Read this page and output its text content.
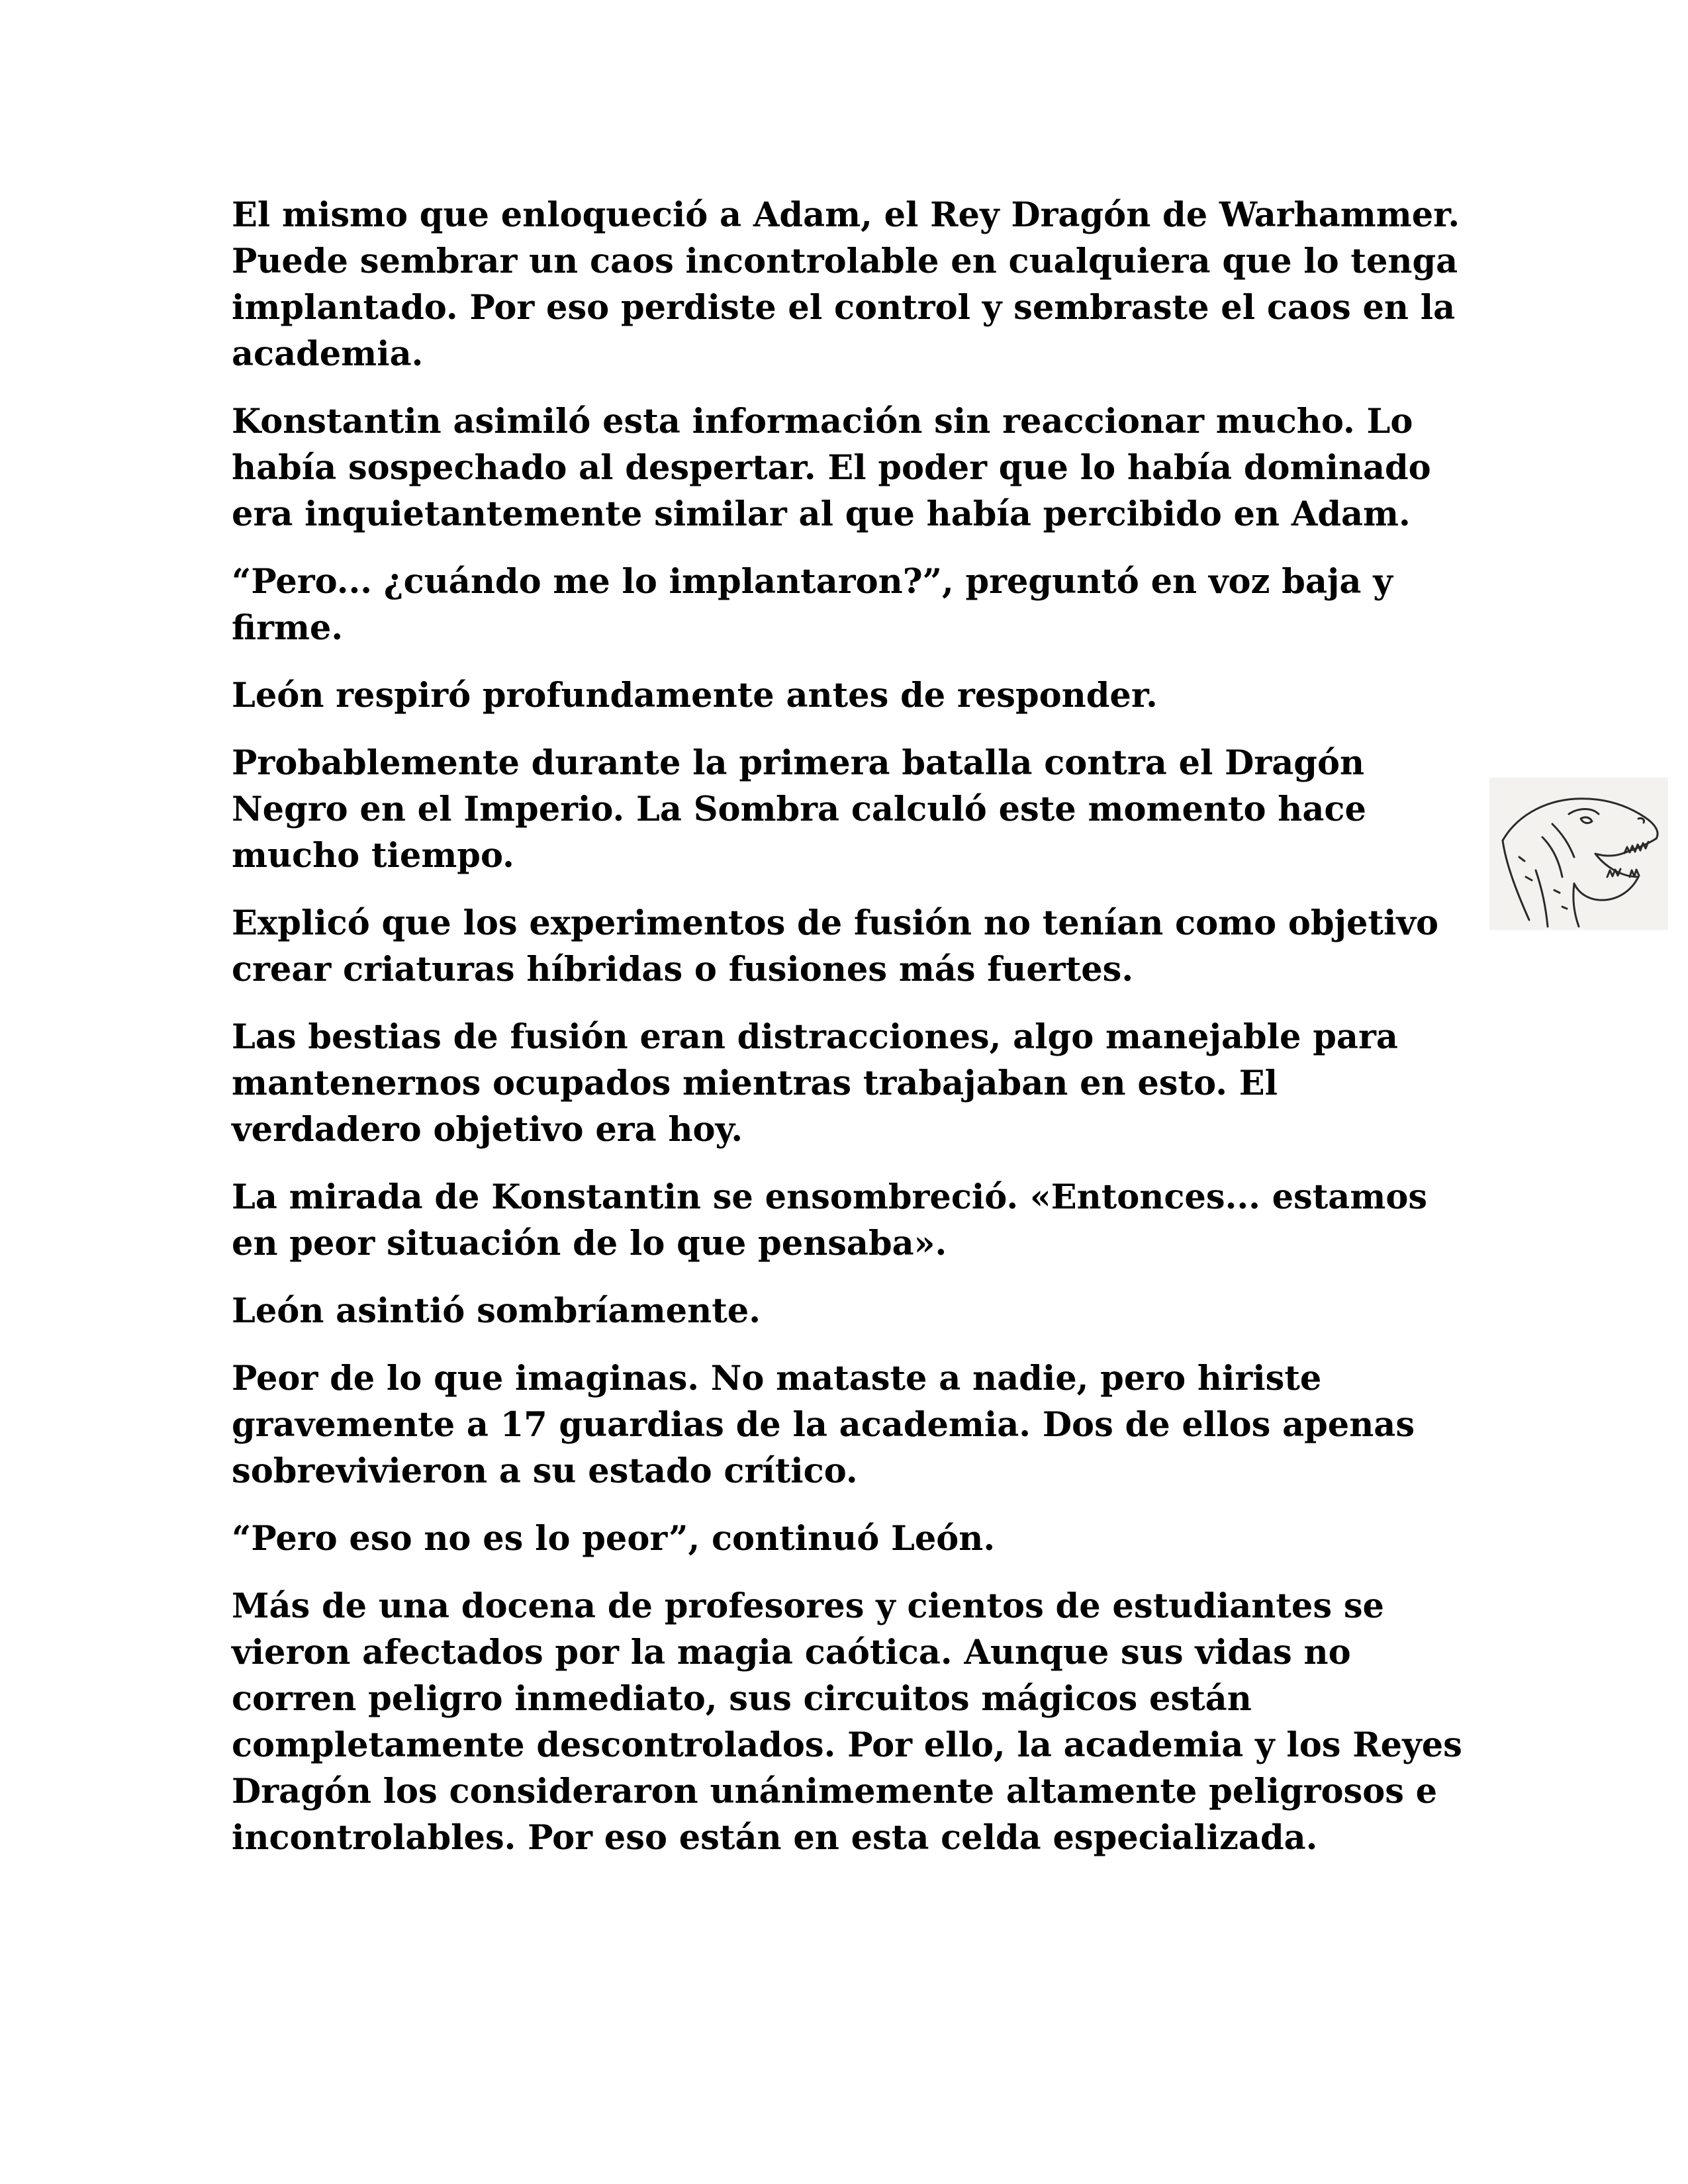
El mismo que enloqueció a Adam, el Rey Dragón de Warhammer. Puede sembrar un caos incontrolable en cualquiera que lo tenga implantado. Por eso perdiste el control y sembraste el caos en la academia.

Konstantin asimiló esta información sin reaccionar mucho. Lo había sospechado al despertar. El poder que lo había dominado era inquietantemente similar al que había percibido en Adam.

“Pero... ¿cuándo me lo implantaron?”, preguntó en voz baja y firme.

León respiró profundamente antes de responder.

Probablemente durante la primera batalla contra el Dragón Negro en el Imperio. La Sombra calculó este momento hace mucho tiempo.

Explicó que los experimentos de fusión no tenían como objetivo crear criaturas híbridas o fusiones más fuertes.

Las bestias de fusión eran distracciones, algo manejable para mantenernos ocupados mientras trabajaban en esto. El verdadero objetivo era hoy.

La mirada de Konstantin se ensombreció. «Entonces... estamos en peor situación de lo que pensaba».

León asintió sombríamente.

Peor de lo que imaginas. No mataste a nadie, pero hiriste gravemente a 17 guardias de la academia. Dos de ellos apenas sobrevivieron a su estado crítico.

“Pero eso no es lo peor”, continuó León.

Más de una docena de profesores y cientos de estudiantes se vieron afectados por la magia caótica. Aunque sus vidas no corren peligro inmediato, sus circuitos mágicos están completamente descontrolados. Por ello, la academia y los Reyes Dragón los consideraron unánimemente altamente peligrosos e incontrolables. Por eso están en esta celda especializada.
